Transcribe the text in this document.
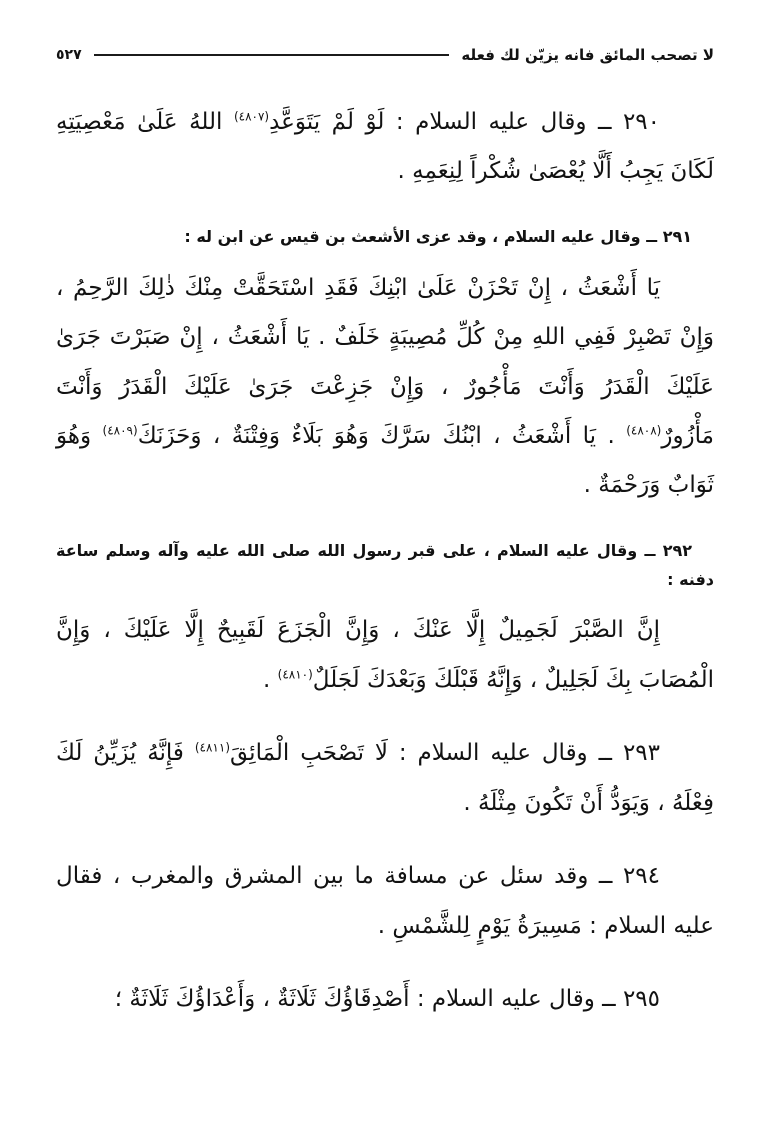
لا تصحب المائق فانه يزيّن لك فعله
٥٢٧

٢٩٠ ــ وقال عليه السلام : لَوْ لَمْ يَتَوَعَّدِ$^{(٤٨٠٧)}$ اللهُ عَلَىٰ مَعْصِيَتِهِ لَكَانَ يَجِبُ أَلَّا يُعْصَىٰ شُكْراً لِنِعَمِهِ .

٢٩١ ــ وقال عليه السلام ، وقد عزى الأشعث بن قيس عن ابن له :

يَا أَشْعَثُ ، إِنْ تَحْزَنْ عَلَىٰ ابْنِكَ فَقَدِ اسْتَحَقَّتْ مِنْكَ ذٰلِكَ الرَّحِمُ ، وَإِنْ تَصْبِرْ فَفِي اللهِ مِنْ كُلِّ مُصِيبَةٍ خَلَفٌ . يَا أَشْعَثُ ، إِنْ صَبَرْتَ جَرَىٰ عَلَيْكَ الْقَدَرُ وَأَنْتَ مَأْجُورٌ ، وَإِنْ جَزِعْتَ جَرَىٰ عَلَيْكَ الْقَدَرُ وَأَنْتَ مَأْزُورٌ$^{(٤٨٠٨)}$ . يَا أَشْعَثُ ، ابْنُكَ سَرَّكَ وَهُوَ بَلَاءٌ وَفِتْنَةٌ ، وَحَزَنَكَ$^{(٤٨٠٩)}$ وَهُوَ ثَوَابٌ وَرَحْمَةٌ .

٢٩٢ ــ وقال عليه السلام ، على قبر رسول الله صلى الله عليه وآله وسلم ساعة دفنه :

إِنَّ الصَّبْرَ لَجَمِيلٌ إِلَّا عَنْكَ ، وَإِنَّ الْجَزَعَ لَقَبِيحٌ إِلَّا عَلَيْكَ ، وَإِنَّ الْمُصَابَ بِكَ لَجَلِيلٌ ، وَإِنَّهُ قَبْلَكَ وَبَعْدَكَ لَجَلَلٌ$^{(٤٨١٠)}$ .

٢٩٣ ــ وقال عليه السلام : لَا تَصْحَبِ الْمَائِقَ$^{(٤٨١١)}$ فَإِنَّهُ يُزَيِّنُ لَكَ فِعْلَهُ ، وَيَوَدُّ أَنْ تَكُونَ مِثْلَهُ .

٢٩٤ ــ وقد سئل عن مسافة ما بين المشرق والمغرب ، فقال عليه السلام : مَسِيرَةُ يَوْمٍ لِلشَّمْسِ .

٢٩٥ ــ وقال عليه السلام : أَصْدِقَاؤُكَ ثَلَاثَةٌ ، وَأَعْدَاؤُكَ ثَلَاثَةٌ ؛
